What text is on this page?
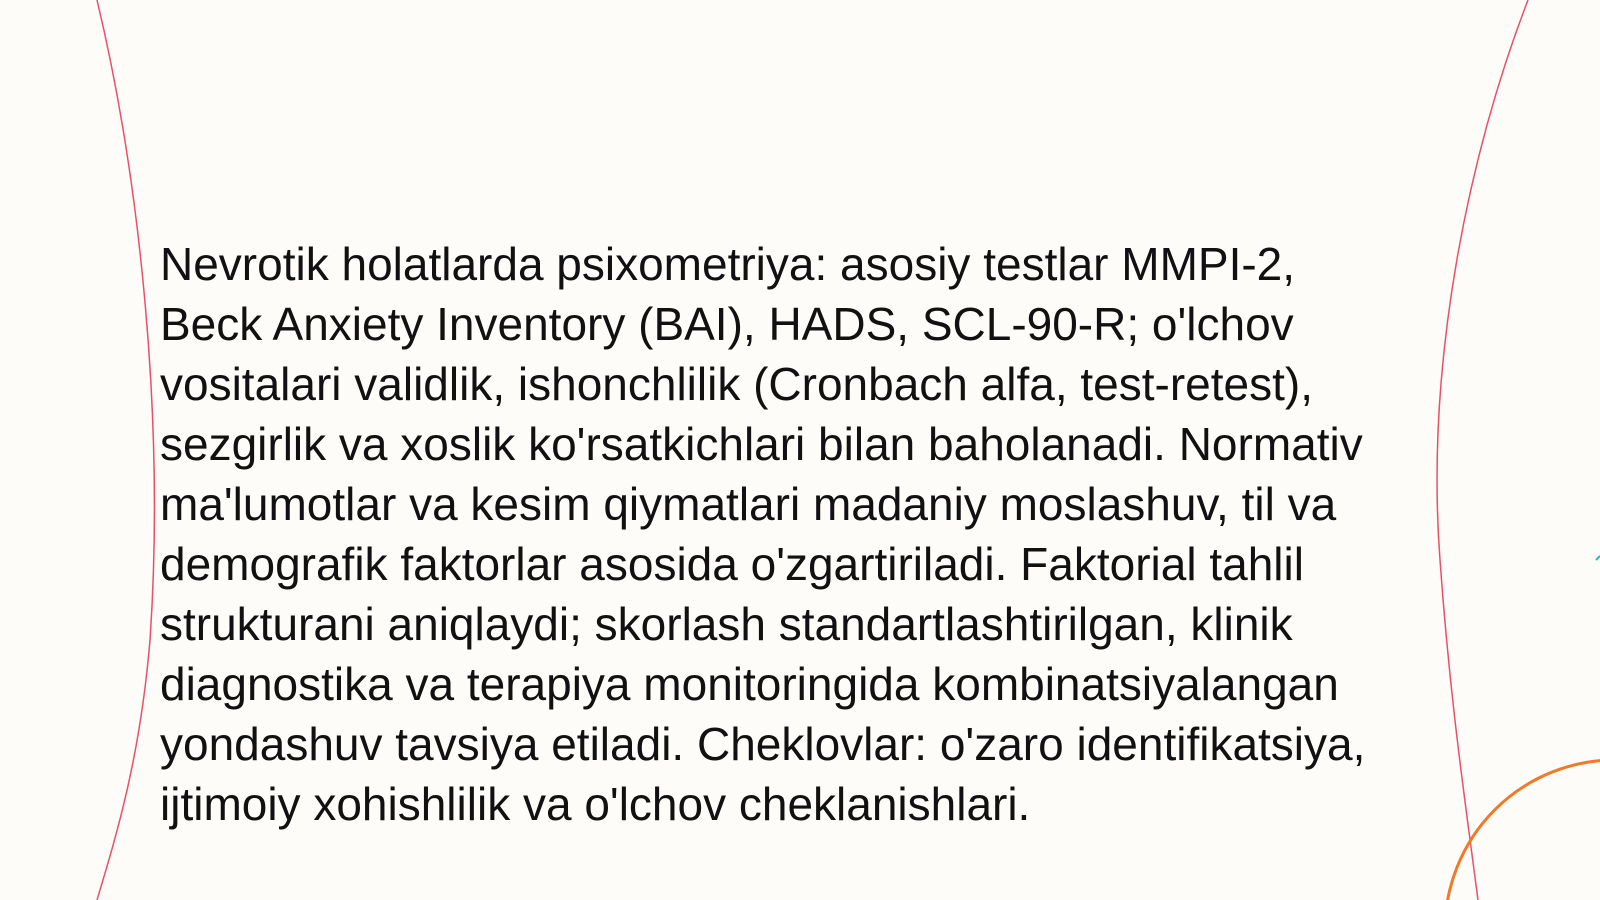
Nevrotik holatlarda psixometriya: asosiy testlar MMPI-2,
Beck Anxiety Inventory (BAI), HADS, SCL-90-R; o'lchov
vositalari validlik, ishonchlilik (Cronbach alfa, test-retest),
sezgirlik va xoslik ko'rsatkichlari bilan baholanadi. Normativ
ma'lumotlar va kesim qiymatlari madaniy moslashuv, til va
demografik faktorlar asosida o'zgartiriladi. Faktorial tahlil
strukturani aniqlaydi; skorlash standartlashtirilgan, klinik
diagnostika va terapiya monitoringida kombinatsiyalangan
yondashuv tavsiya etiladi. Cheklovlar: o'zaro identifikatsiya,
ijtimoiy xohishlilik va o'lchov cheklanishlari.
